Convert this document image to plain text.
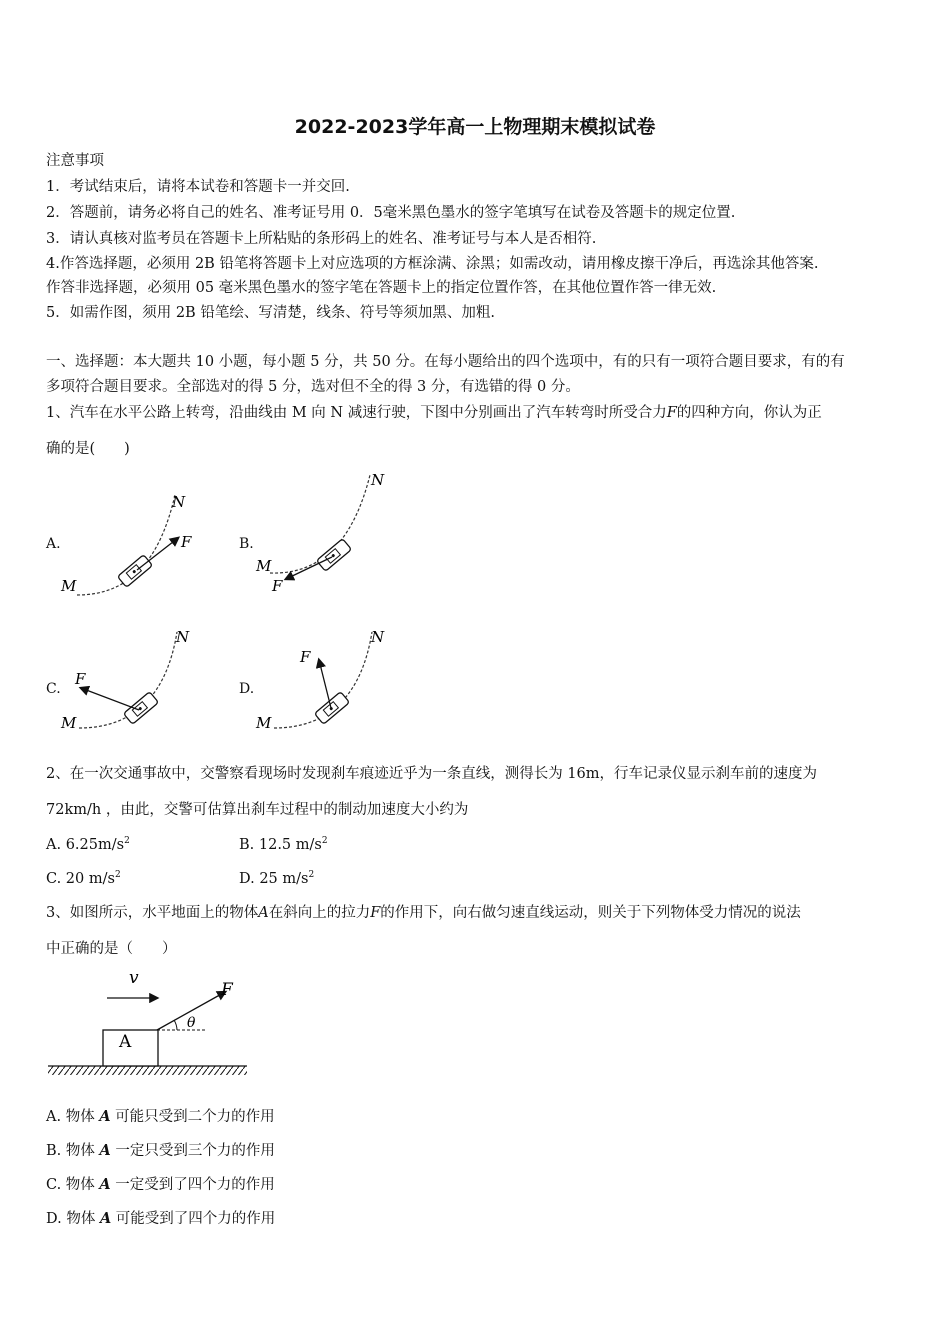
2022-2023学年高一上物理期末模拟试卷
注意事项
1．考试结束后，请将本试卷和答题卡一并交回.
2．答题前，请务必将自己的姓名、准考证号用 0．5毫米黑色墨水的签字笔填写在试卷及答题卡的规定位置.
3．请认真核对监考员在答题卡上所粘贴的条形码上的姓名、准考证号与本人是否相符.
4.作答选择题，必须用 2B 铅笔将答题卡上对应选项的方框涂满、涂黑；如需改动，请用橡皮擦干净后，再选涂其他答案.
作答非选择题，必须用 05 毫米黑色墨水的签字笔在答题卡上的指定位置作答，在其他位置作答一律无效.
5．如需作图，须用 2B 铅笔绘、写清楚，线条、符号等须加黑、加粗.
一、选择题：本大题共 10 小题，每小题 5 分，共 50 分。在每小题给出的四个选项中，有的只有一项符合题目要求，有的有
多项符合题目要求。全部选对的得 5 分，选对但不全的得 3 分，有选错的得 0 分。
1、汽车在水平公路上转弯，沿曲线由 M 向 N 减速行驶，下图中分别画出了汽车转弯时所受合力F的四种方向，你认为正
确的是(　　)
A.	B.
C.	D.
F
N
M	F
N
M
F
N
M
F
N
M
2、在一次交通事故中，交警察看现场时发现刹车痕迹近乎为一条直线，测得长为 16m，行车记录仪显示刹车前的速度为
72km/h ，由此，交警可估算出刹车过程中的制动加速度大小约为
A. $6.25m/s^2$	B. 12.5 $m/s^2$
C. 20 $m/s^2$	D. 25 $m/s^2$
3、如图所示，水平地面上的物体A在斜向上的拉力F的作用下，向右做匀速直线运动，则关于下列物体受力情况的说法
中正确的是（　　）
v
A
θ
F
A. 物体 A 可能只受到二个力的作用
B. 物体 A 一定只受到三个力的作用
C. 物体 A 一定受到了四个力的作用
D. 物体 A 可能受到了四个力的作用
